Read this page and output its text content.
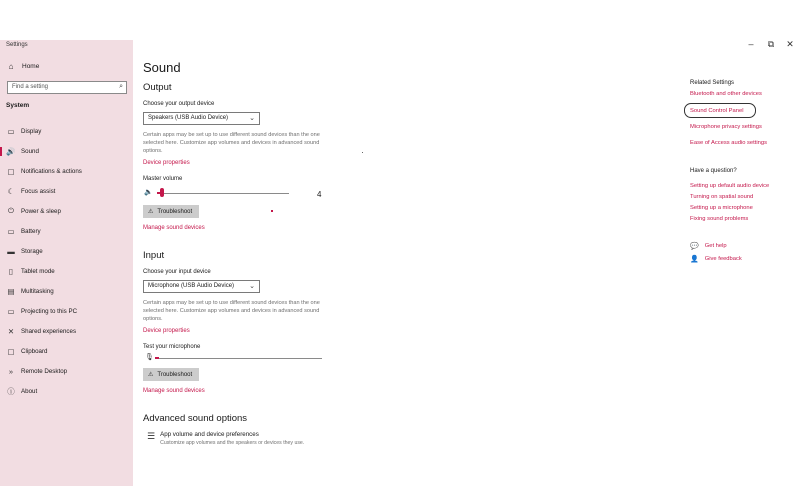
–	⧉	✕
Settings
⌂	Home
Find a setting	⌕
System
▭ Display
🔊 Sound
▢ Notifications & actions
☾ Focus assist
⏻	Power & sleep
▭ Battery
▬ Storage
▯	Tablet mode
▤ Multitasking
▭ Projecting to this PC
✕ Shared experiences
▢ Clipboard
»	Remote Desktop
ⓘ About
Sound
Output
Choose your output device
Speakers (USB Audio Device)	⌄
Certain apps may be set up to use different sound devices than the one selected here. Customize app volumes and devices in advanced sound options.
Device properties
Master volume
🔈	4
⚠ Troubleshoot
Manage sound devices
Input
Choose your input device
Microphone (USB Audio Device) ⌄
Certain apps may be set up to use different sound devices than the one selected here. Customize app volumes and devices in advanced sound options.
Device properties
Test your microphone
🎙
⚠ Troubleshoot
Manage sound devices
Advanced sound options
☰ App volume and device preferences
Customize app volumes and the speakers or devices they use.
Related Settings
Bluetooth and other devices
Sound Control Panel
Microphone privacy settings
Ease of Access audio settings
Have a question?
Setting up default audio device
Turning on spatial sound
Setting up a microphone
Fixing sound problems
💬 Get help
👤 Give feedback
